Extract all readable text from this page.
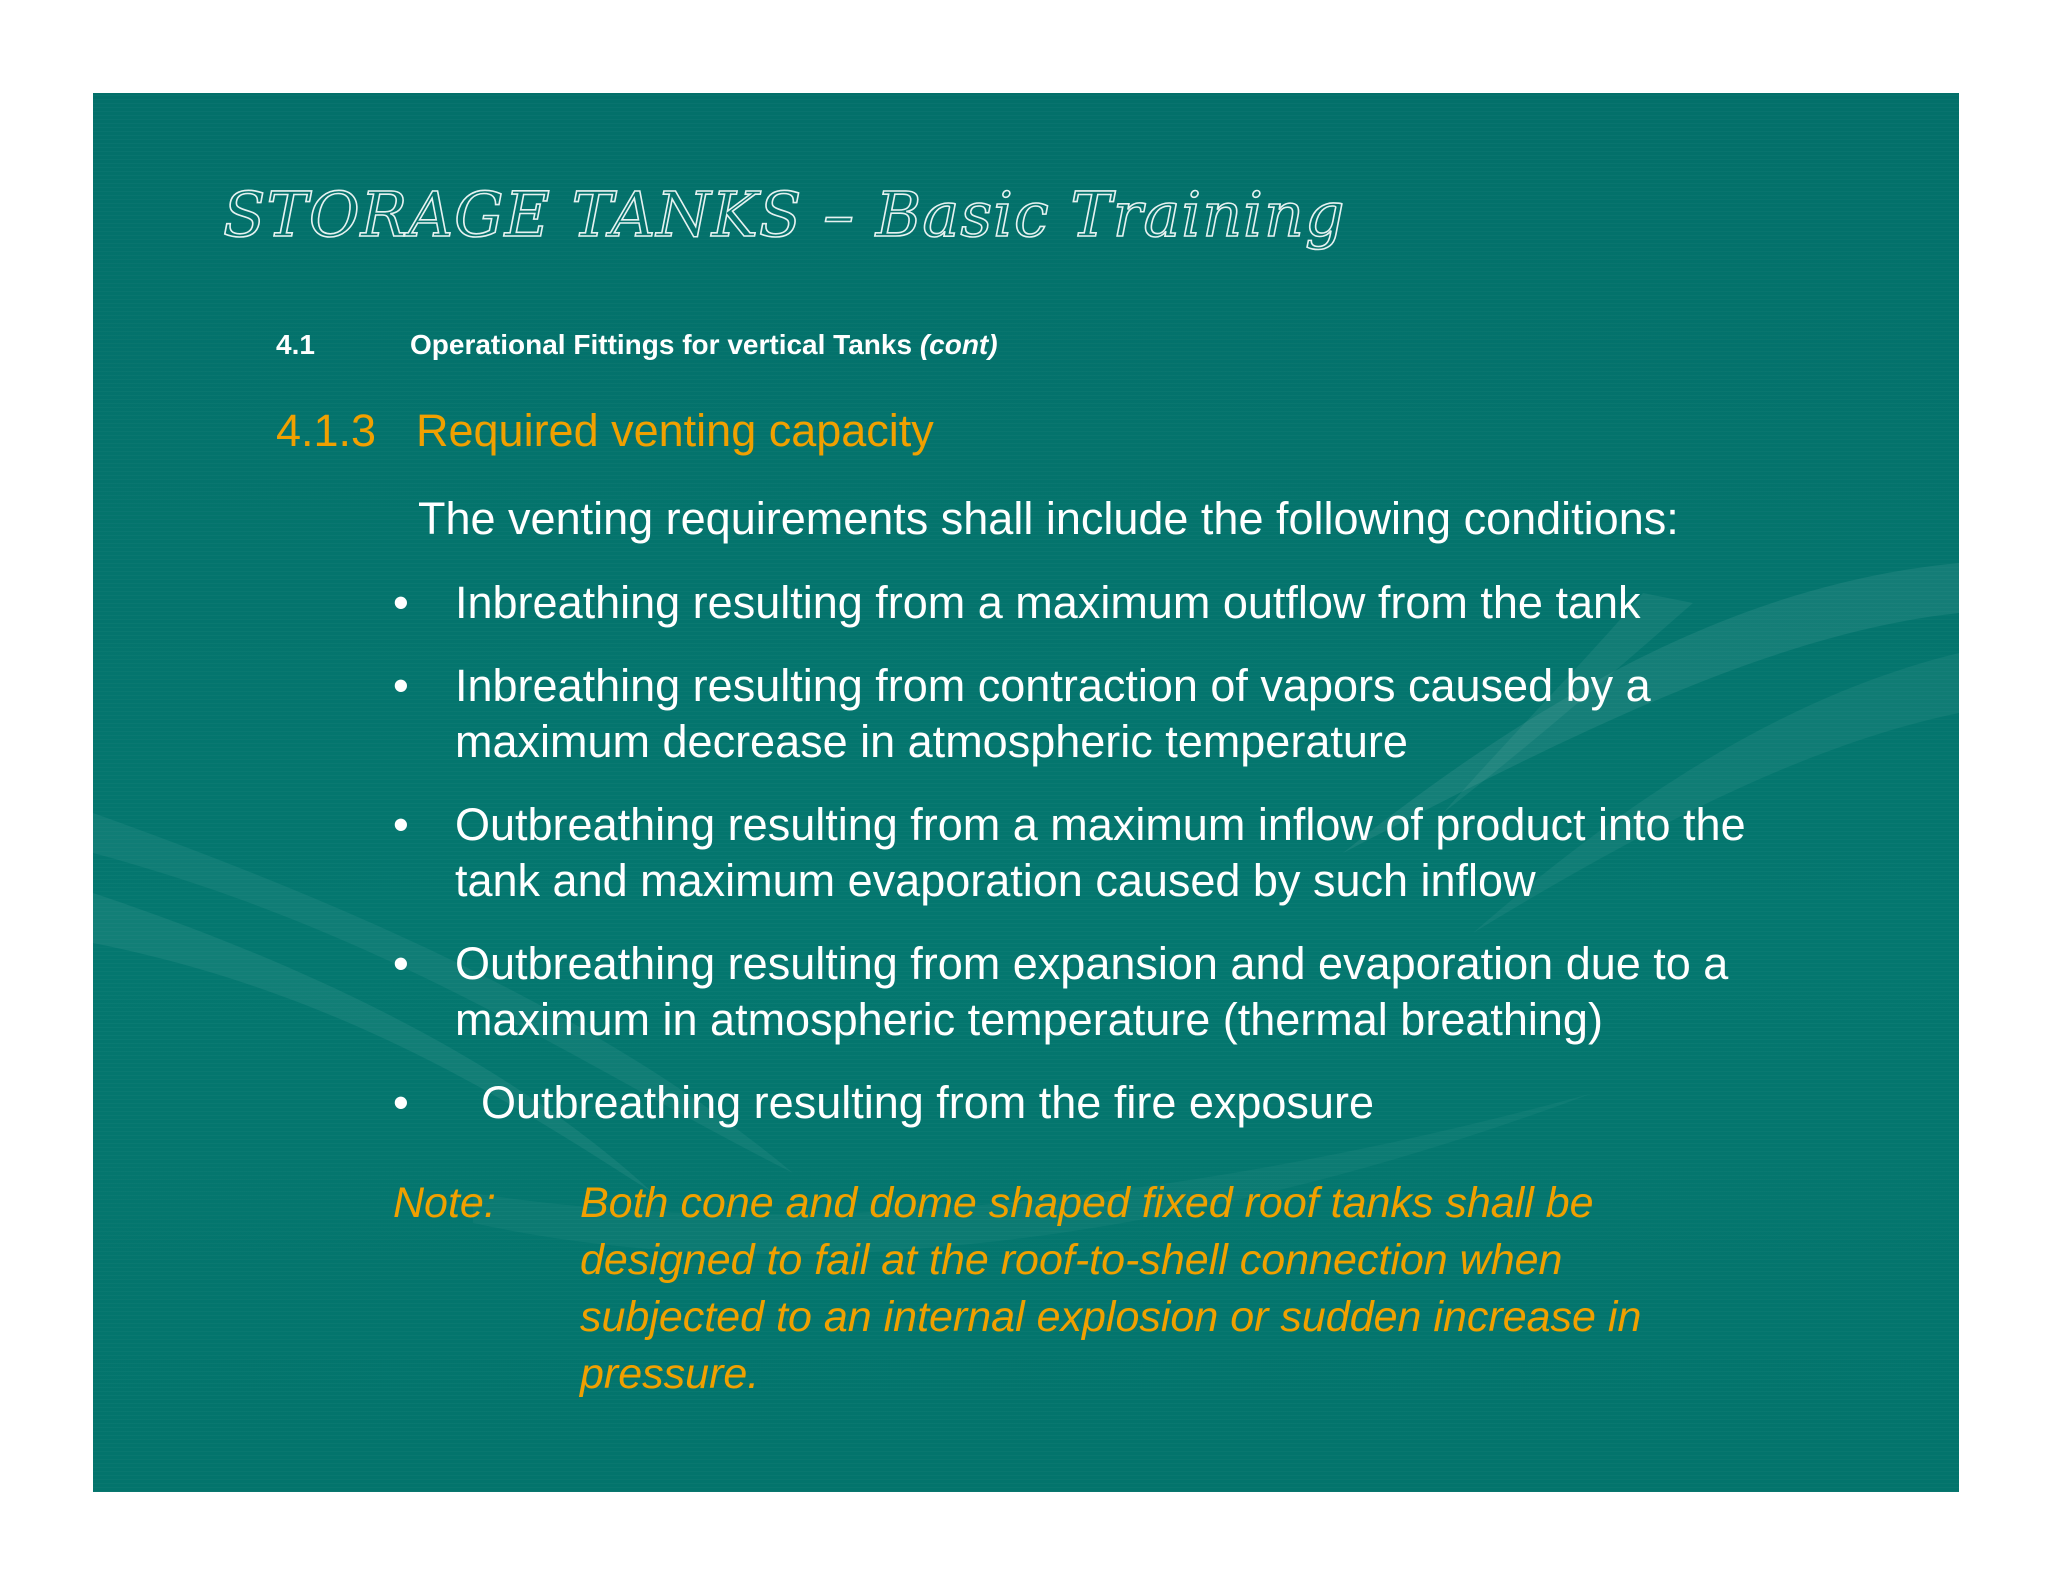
STORAGE TANKS – Basic Training
4.1	Operational Fittings for vertical Tanks (cont)
4.1.3 Required venting capacity
The venting requirements shall include the following conditions:
• Inbreathing resulting from a maximum outflow from the tank
• Inbreathing resulting from contraction of vapors caused by a
maximum decrease in atmospheric temperature
• Outbreathing resulting from a maximum inflow of product into the
tank and maximum evaporation caused by such inflow
• Outbreathing resulting from expansion and evaporation due to a
maximum in atmospheric temperature (thermal breathing)
•	Outbreathing resulting from the fire exposure
Note: Both cone and dome shaped fixed roof tanks shall be
designed to fail at the roof-to-shell connection when
subjected to an internal explosion or sudden increase in
pressure.
